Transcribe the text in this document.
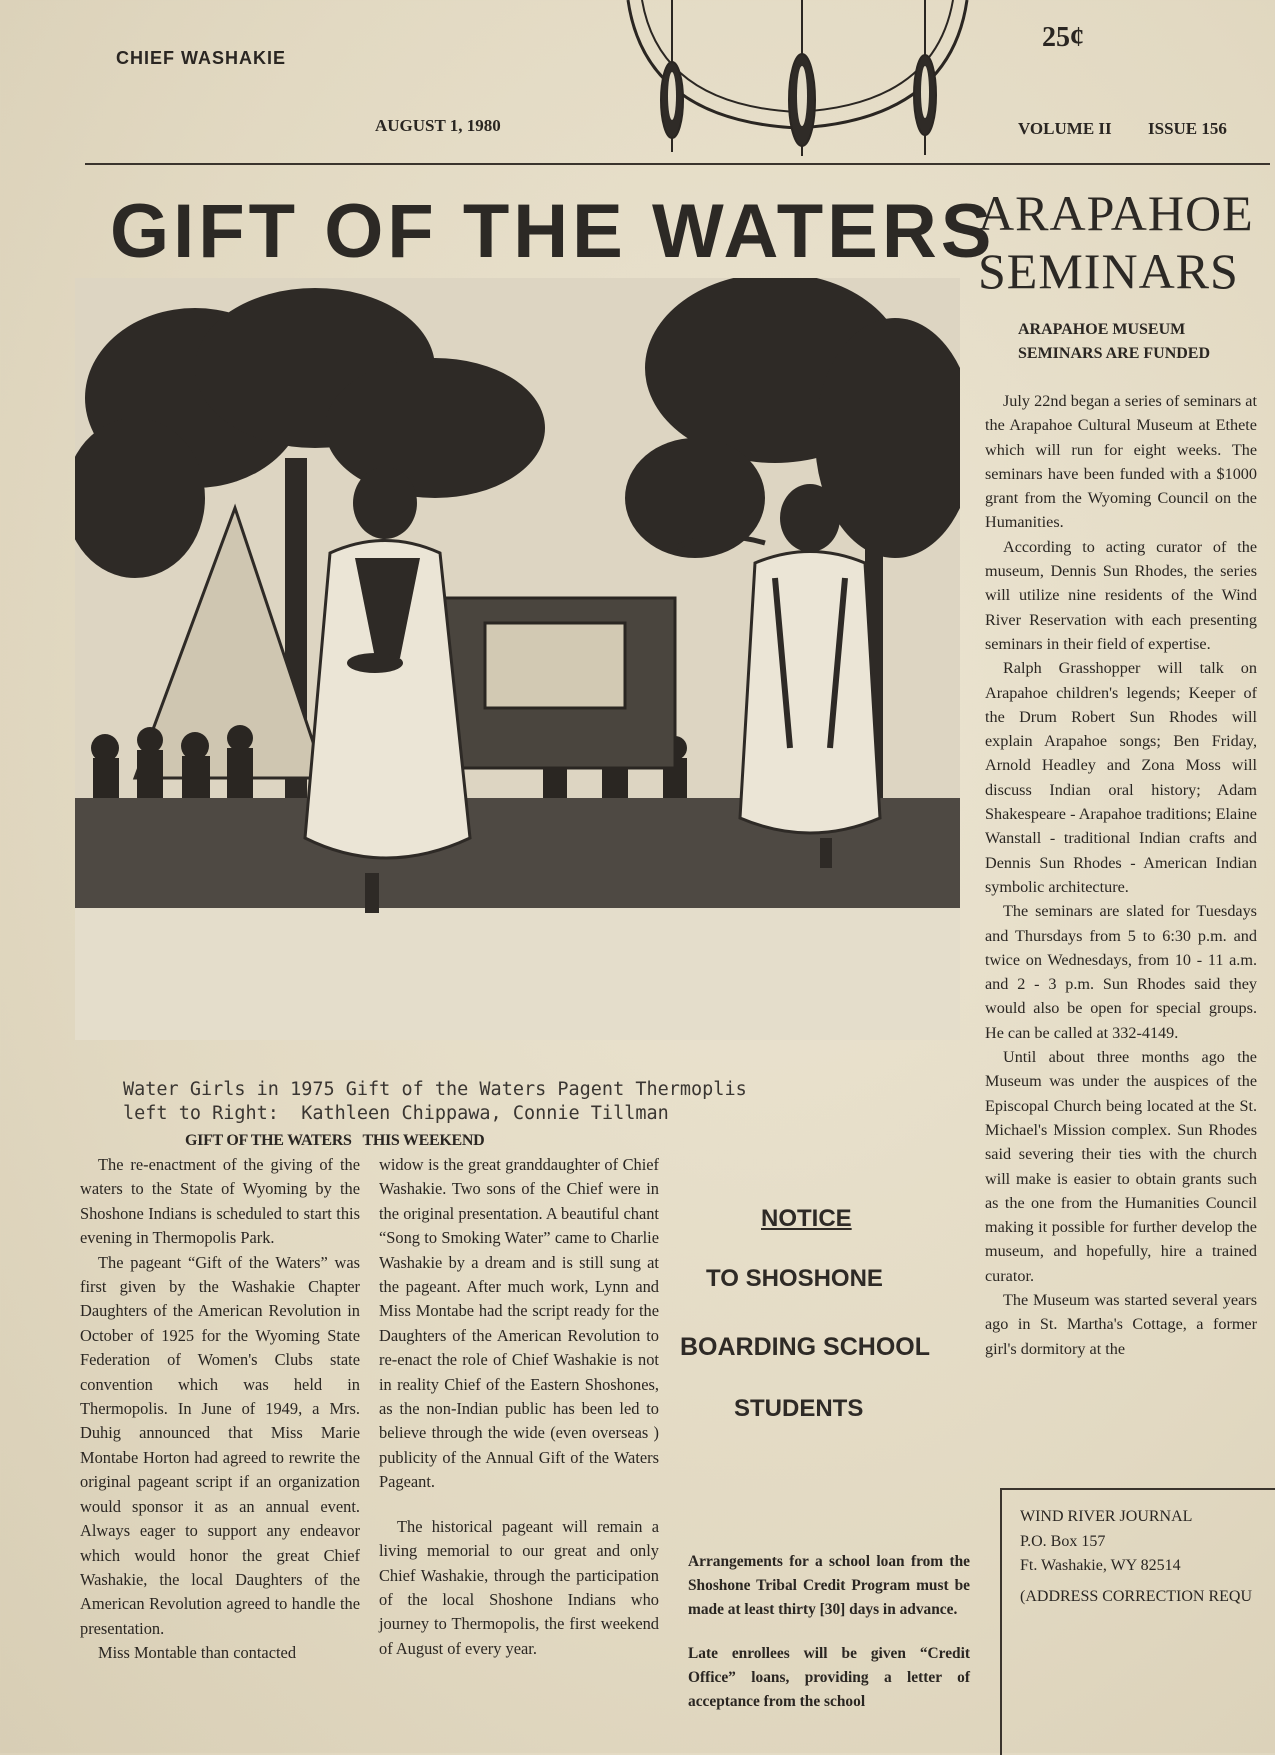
CHIEF WASHAKIE
25¢
AUGUST 1, 1980	VOLUME II ISSUE 156
GIFT OF THE WATERS
Water Girls in 1975 Gift of the Waters Pagent Thermoplis
left to Right:  Kathleen Chippawa, Connie Tillman
GIFT OF THE WATERS   THIS WEEKEND

The re-enactment of the giving of the waters to the State of Wyoming by the Shoshone Indians is scheduled to start this evening in Thermopolis Park.

The pageant “Gift of the Waters” was first given by the Washakie Chapter Daughters of the American Revolution in October of 1925 for the Wyoming State Federation of Women's Clubs state convention which was held in Thermopolis. In June of 1949, a Mrs. Duhig announced that Miss Marie Montabe Horton had agreed to rewrite the original pageant script if an organization would sponsor it as an annual event. Always eager to support any endeavor which would honor the great Chief Washakie, the local Daughters of the American Revolution agreed to handle the presentation.

Miss Montable than contacted

widow is the great granddaughter of Chief Washakie. Two sons of the Chief were in the original presentation. A beautiful chant “Song to Smoking Water” came to Charlie Washakie by a dream and is still sung at the pageant. After much work, Lynn and Miss Montabe had the script ready for the Daughters of the American Revolution to re-enact the role of Chief Washakie is not in reality Chief of the Eastern Shoshones, as the non-Indian public has been led to believe through the wide (even overseas ) publicity of the Annual Gift of the Waters Pageant.

The historical pageant will remain a living memorial to our great and only Chief Washakie, through the participation of the local Shoshone Indians who journey to Thermopolis, the first weekend of August of every year.

NOTICE
TO SHOSHONE
BOARDING SCHOOL
STUDENTS

Arrangements for a school loan from the Shoshone Tribal Credit Program must be made at least thirty [30] days in advance.

Late enrollees will be given “Credit Office” loans, providing a letter of acceptance from the school

ARAPAHOE
SEMINARS
ARAPAHOE MUSEUM SEMINARS ARE FUNDED

July 22nd began a series of seminars at the Arapahoe Cultural Museum at Ethete which will run for eight weeks. The seminars have been funded with a $1000 grant from the Wyoming Council on the Humanities.

According to acting curator of the museum, Dennis Sun Rhodes, the series will utilize nine residents of the Wind River Reservation with each presenting seminars in their field of expertise.

Ralph Grasshopper will talk on Arapahoe children's legends; Keeper of the Drum Robert Sun Rhodes will explain Arapahoe songs; Ben Friday, Arnold Headley and Zona Moss will discuss Indian oral history; Adam Shakespeare - Arapahoe traditions; Elaine Wanstall - traditional Indian crafts and Dennis Sun Rhodes - American Indian symbolic architecture.

The seminars are slated for Tuesdays and Thursdays from 5 to 6:30 p.m. and twice on Wednesdays, from 10 - 11 a.m. and 2 - 3 p.m. Sun Rhodes said they would also be open for special groups. He can be called at 332-4149.

Until about three months ago the Museum was under the auspices of the Episcopal Church being located at the St. Michael's Mission complex. Sun Rhodes said severing their ties with the church will make is easier to obtain grants such as the one from the Humanities Council making it possible for further develop the museum, and hopefully, hire a trained curator.

The Museum was started several years ago in St. Martha's Cottage, a former girl's dormitory at the

WIND RIVER JOURNAL
P.O. Box 157
Ft. Washakie, WY 82514
(ADDRESS CORRECTION REQU
